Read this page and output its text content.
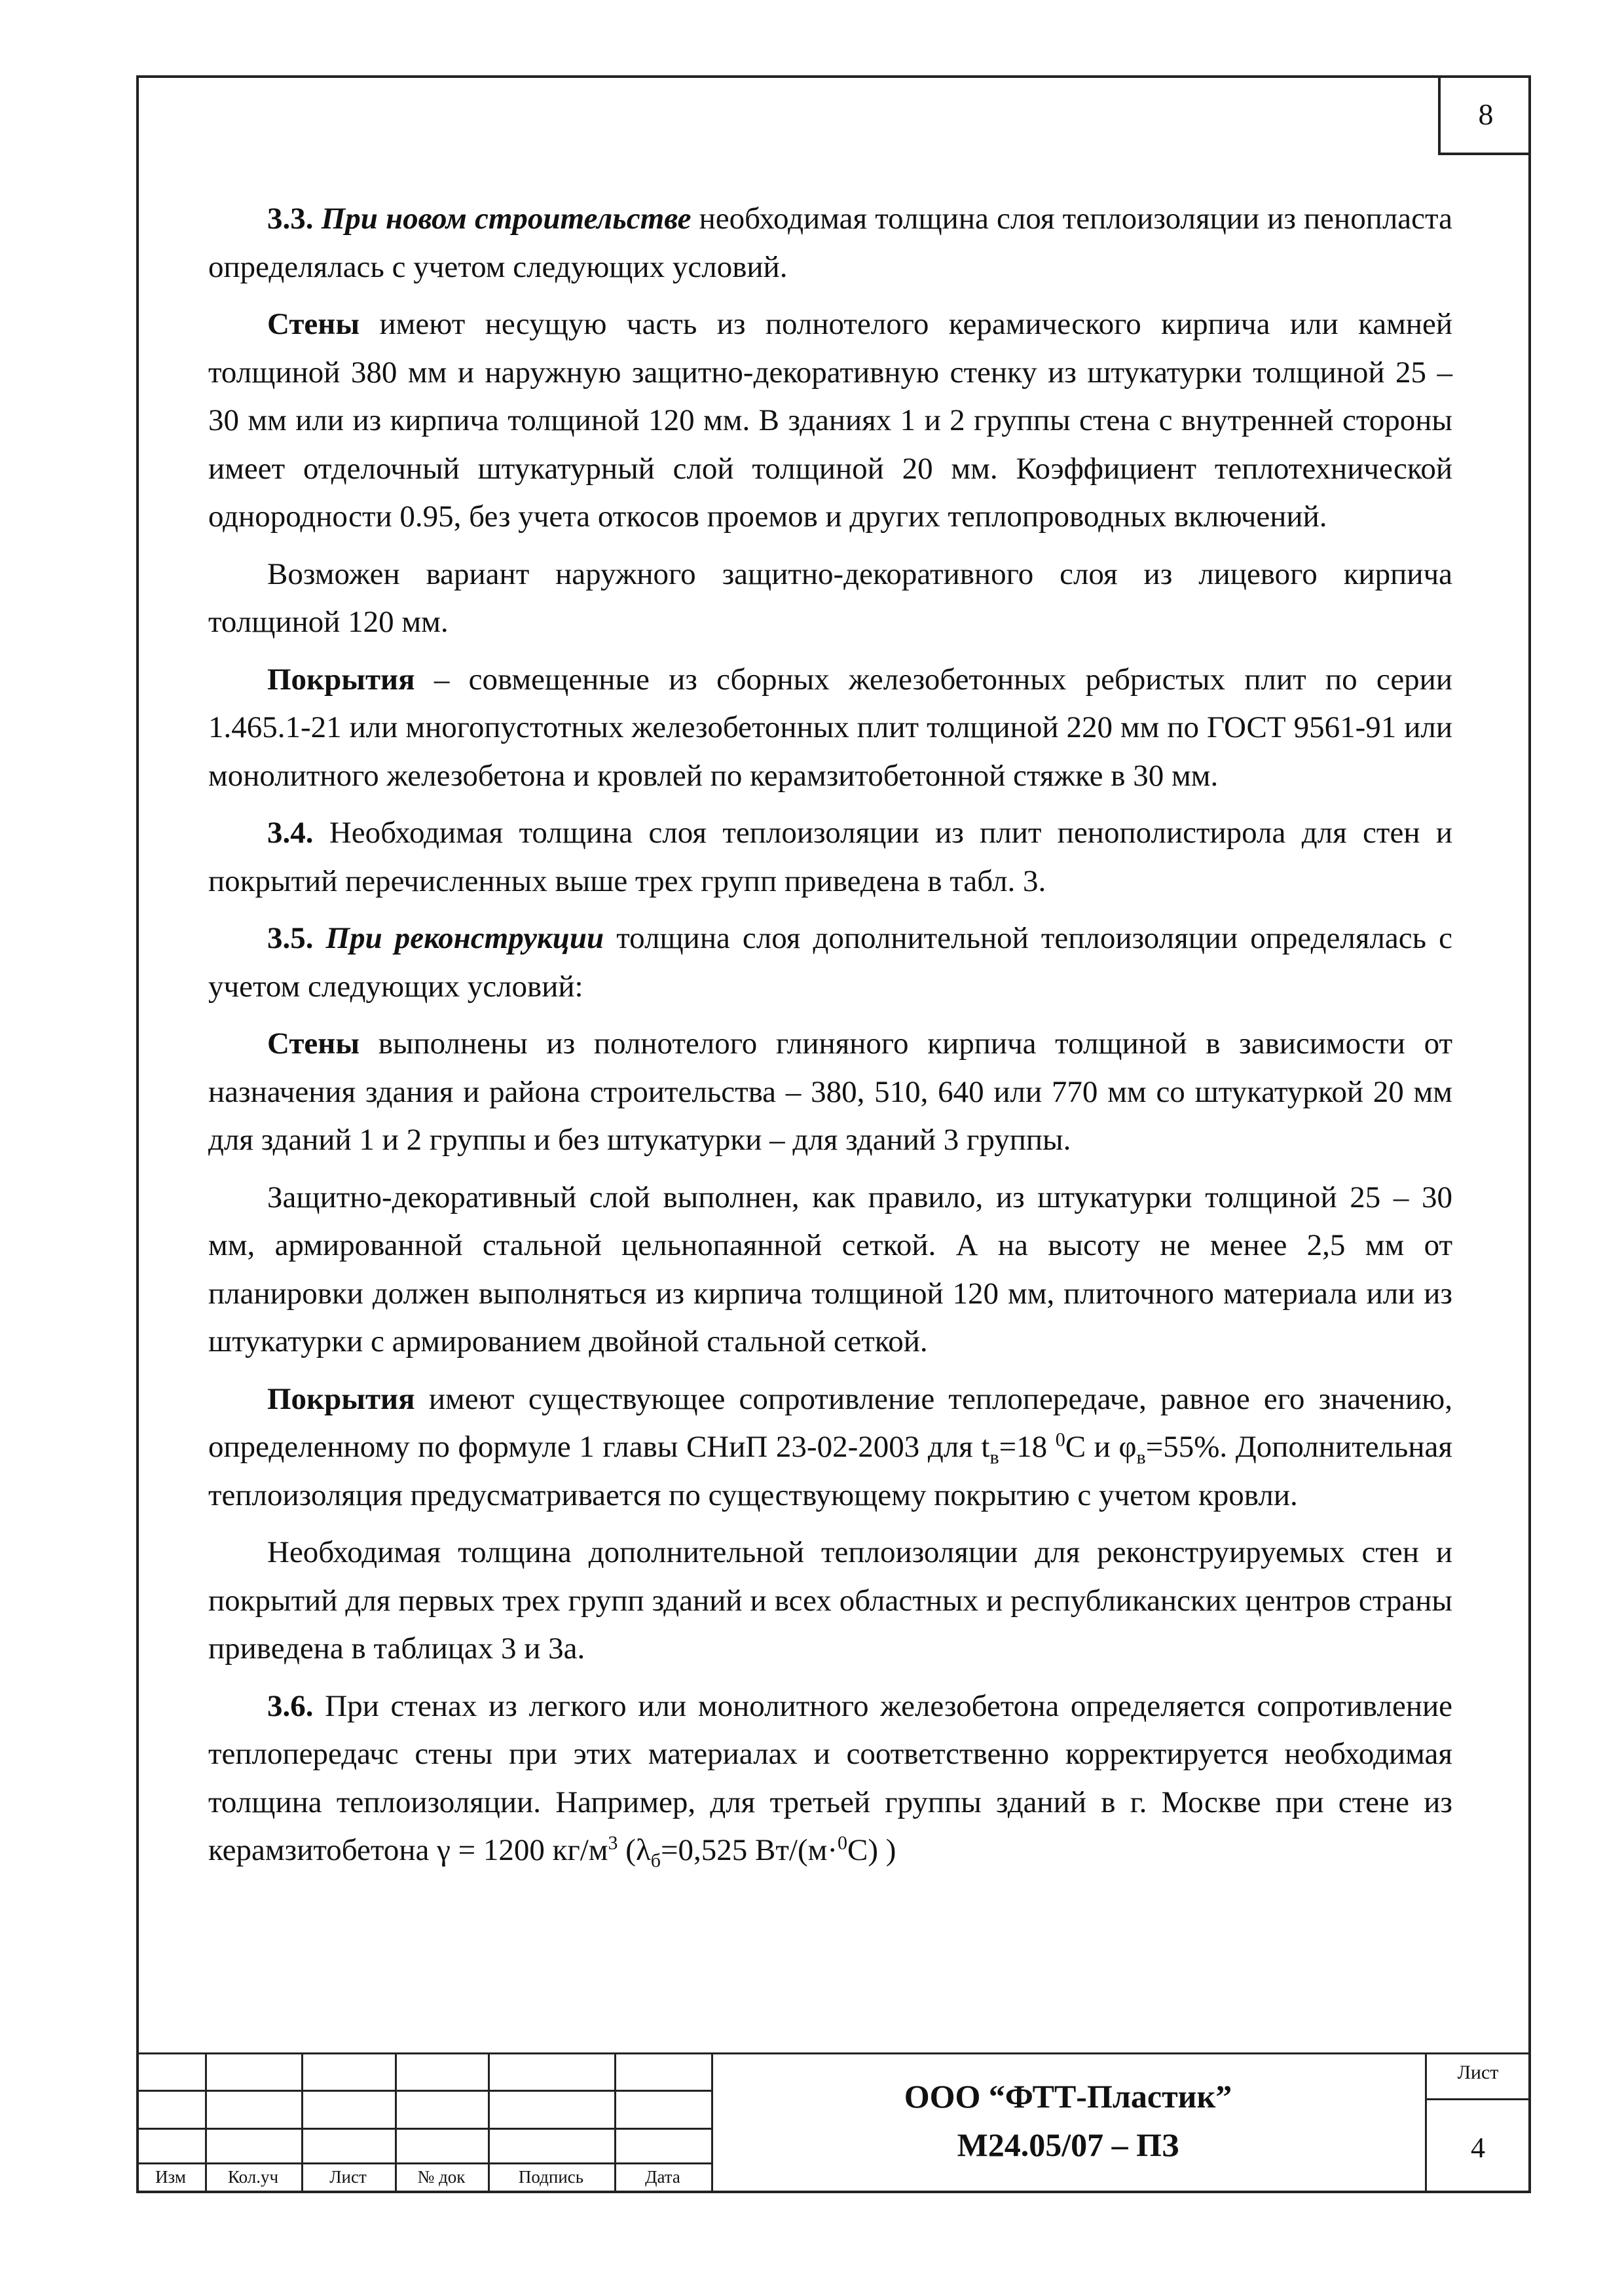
8

3.3. При новом строительстве необходимая толщина слоя теплоизоляции из пенопласта определялась с учетом следующих условий.

Стены имеют несущую часть из полнотелого керамического кирпича или камней толщиной 380 мм и наружную защитно-декоративную стенку из штукатурки толщиной 25 – 30 мм или из кирпича толщиной 120 мм. В зданиях 1 и 2 группы стена с внутренней стороны имеет отделочный штукатурный слой толщиной 20 мм. Коэффициент теплотехнической однородности 0.95, без учета откосов проемов и других теплопроводных включений.

Возможен вариант наружного защитно-декоративного слоя из лицевого кирпича толщиной 120 мм.

Покрытия – совмещенные из сборных железобетонных ребристых плит по серии 1.465.1-21 или многопустотных железобетонных плит толщиной 220 мм по ГОСТ 9561-91 или монолитного железобетона и кровлей по керамзитобетонной стяжке в 30 мм.

3.4. Необходимая толщина слоя теплоизоляции из плит пенополистирола для стен и покрытий перечисленных выше трех групп приведена в табл. 3.

3.5. При реконструкции толщина слоя дополнительной теплоизоляции определялась с учетом следующих условий:

Стены выполнены из полнотелого глиняного кирпича толщиной в зависимости от назначения здания и района строительства – 380, 510, 640 или 770 мм со штукатуркой 20 мм для зданий 1 и 2 группы и без штукатурки – для зданий 3 группы.

Защитно-декоративный слой выполнен, как правило, из штукатурки толщиной 25 – 30 мм, армированной стальной цельнопаянной сеткой. А на высоту не менее 2,5 мм от планировки должен выполняться из кирпича толщиной 120 мм, плиточного материала или из штукатурки с армированием двойной стальной сеткой.

Покрытия имеют существующее сопротивление теплопередаче, равное его значению, определенному по формуле 1 главы СНиП 23-02-2003 для $t_в=18$ $^0$С и $\varphi_в=55\%$. Дополнительная теплоизоляция предусматривается по существующему покрытию с учетом кровли.

Необходимая толщина дополнительной теплоизоляции для реконструируемых стен и покрытий для первых трех групп зданий и всех областных и республиканских центров страны приведена в таблицах 3 и 3а.

3.6. При стенах из легкого или монолитного железобетона определяется сопротивление теплопередачс стены при этих материалах и соответственно корректируется необходимая толщина теплоизоляции. Например, для третьей группы зданий в г. Москве при стене из керамзитобетона γ = 1200 $кг/м^3$ ($\lambda_б=0,525$ Вт/(м·$^0$С) )

Изм	Кол.уч	Лист	№ док	Подпись	Дата
ООО “ФТТ-Пластик”
М24.05/07 – ПЗ
Лист
4
